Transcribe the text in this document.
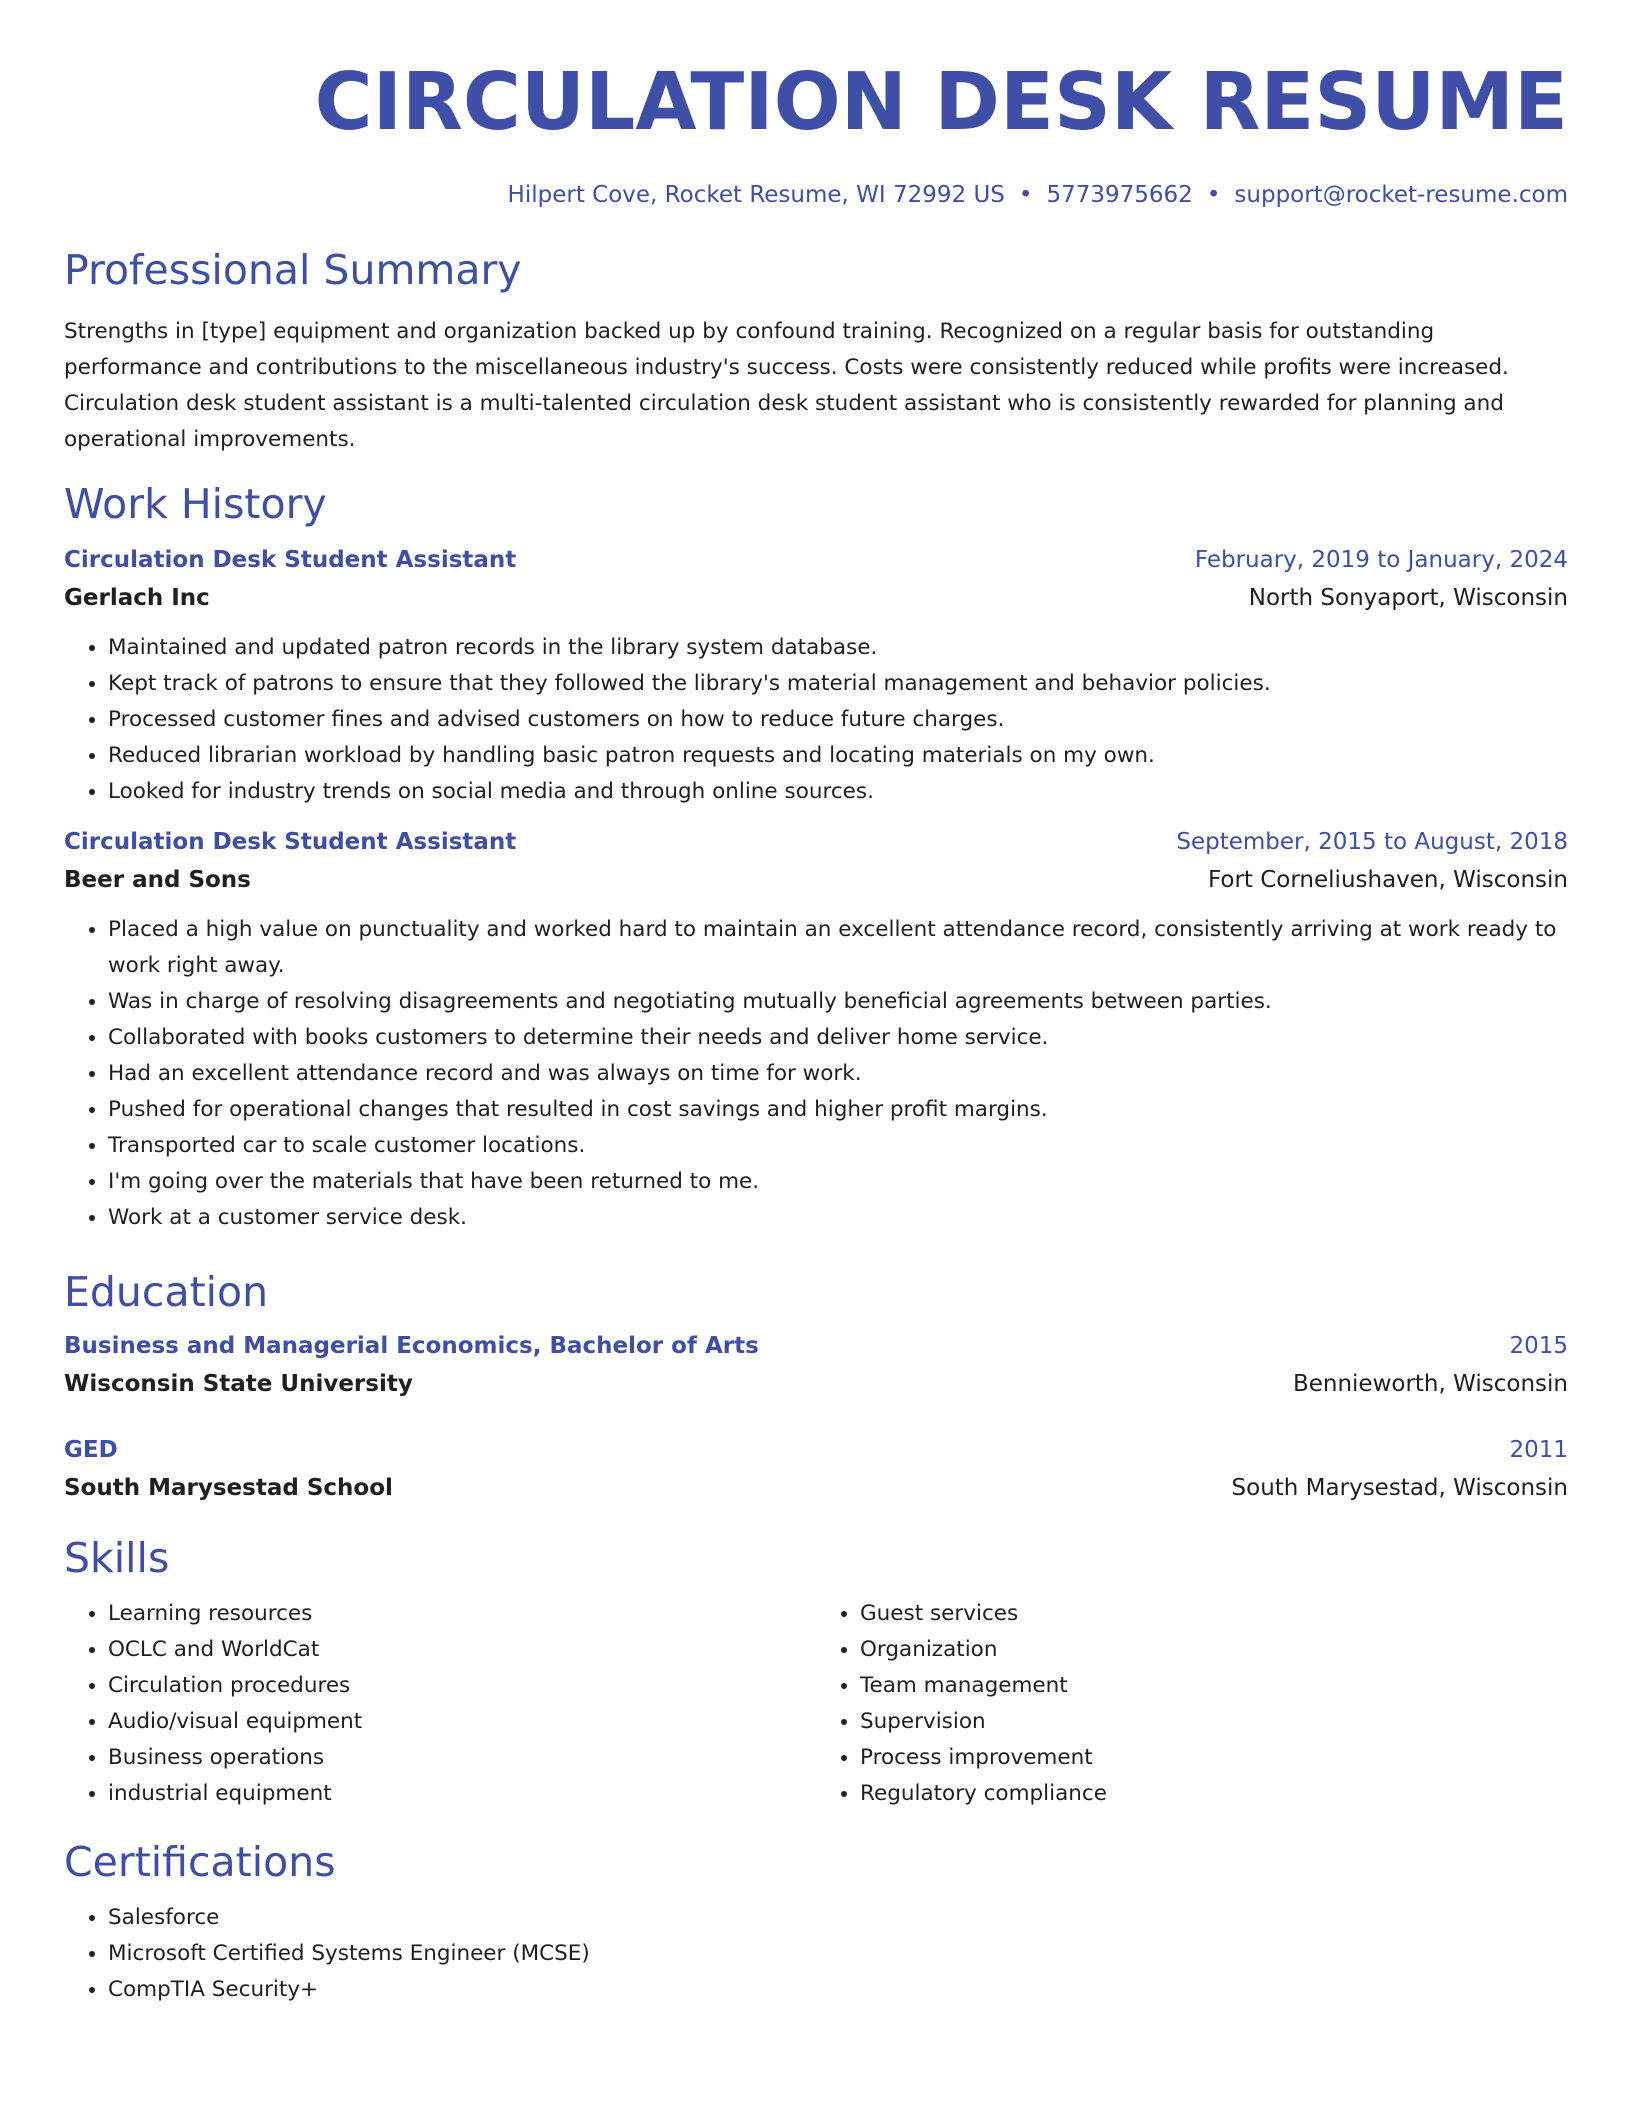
CIRCULATION DESK RESUME
Hilpert Cove, Rocket Resume, WI 72992 US • 5773975662 • support@rocket-resume.com
Professional Summary

Strengths in [type] equipment and organization backed up by confound training. Recognized on a regular basis for outstanding performance and contributions to the miscellaneous industry's success. Costs were consistently reduced while profits were increased. Circulation desk student assistant is a multi-talented circulation desk student assistant who is consistently rewarded for planning and operational improvements.

Work History
Circulation Desk Student Assistant	February, 2019 to January, 2024
Gerlach Inc	North Sonyaport, Wisconsin
• Maintained and updated patron records in the library system database.
• Kept track of patrons to ensure that they followed the library's material management and behavior policies.
• Processed customer fines and advised customers on how to reduce future charges.
• Reduced librarian workload by handling basic patron requests and locating materials on my own.
• Looked for industry trends on social media and through online sources.
Circulation Desk Student Assistant	September, 2015 to August, 2018
Beer and Sons	Fort Corneliushaven, Wisconsin
• Placed a high value on punctuality and worked hard to maintain an excellent attendance record, consistently arriving at work ready to work right away.
• Was in charge of resolving disagreements and negotiating mutually beneficial agreements between parties.
• Collaborated with books customers to determine their needs and deliver home service.
• Had an excellent attendance record and was always on time for work.
• Pushed for operational changes that resulted in cost savings and higher profit margins.
• Transported car to scale customer locations.
• I'm going over the materials that have been returned to me.
• Work at a customer service desk.
Education
Business and Managerial Economics, Bachelor of Arts	2015
Wisconsin State University	Bennieworth, Wisconsin
GED	2011
South Marysestad School	South Marysestad, Wisconsin
Skills
• Learning resources
• OCLC and WorldCat
• Circulation procedures
• Audio/visual equipment
• Business operations
• industrial equipment
• Guest services
• Organization
• Team management
• Supervision
• Process improvement
• Regulatory compliance
Certifications
• Salesforce
• Microsoft Certified Systems Engineer (MCSE)
• CompTIA Security+
